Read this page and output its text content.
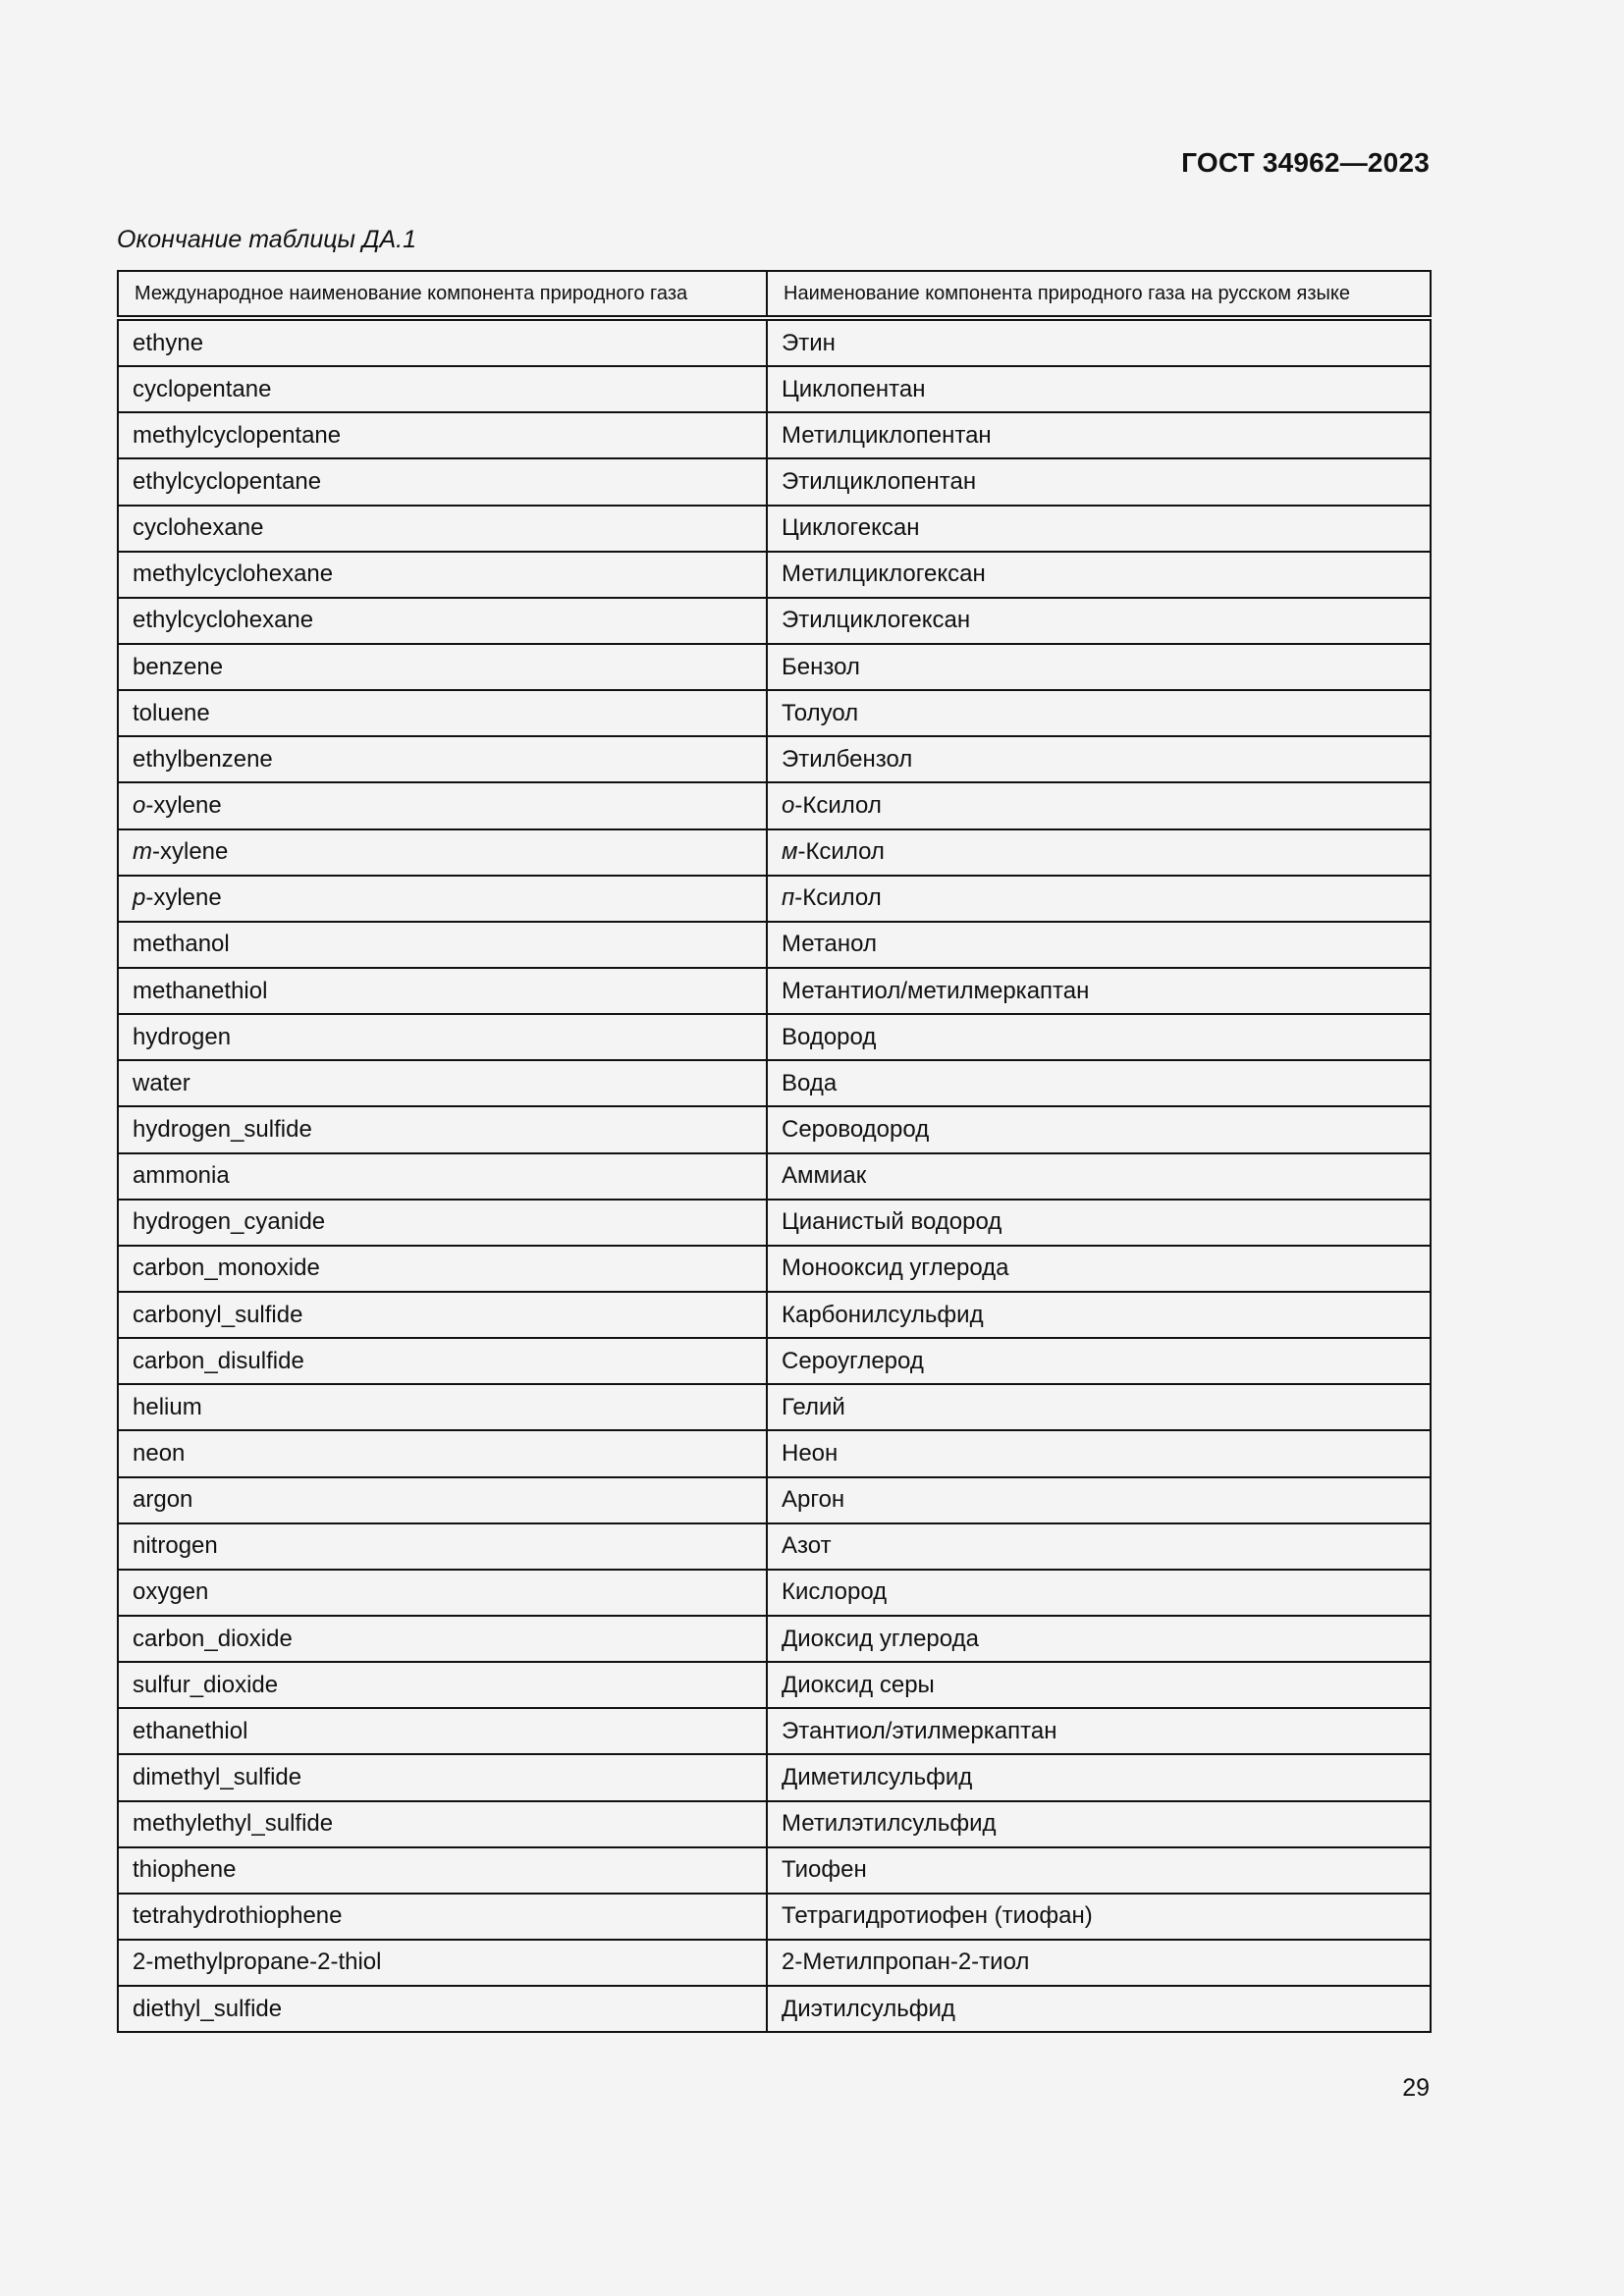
ГОСТ 34962—2023
Окончание таблицы ДА.1
Международное наименование компонента природного газа	Наименование компонента природного газа на русском языке
ethyne	Этин
cyclopentane	Циклопентан
methylcyclopentane	Метилциклопентан
ethylcyclopentane	Этилциклопентан
cyclohexane	Циклогексан
methylcyclohexane	Метилциклогексан
ethylcyclohexane	Этилциклогексан
benzene	Бензол
toluene	Толуол
ethylbenzene	Этилбензол
o-xylene	о-Ксилол
m-xylene	м-Ксилол
p-xylene	п-Ксилол
methanol	Метанол
methanethiol	Метантиол/метилмеркаптан
hydrogen	Водород
water	Вода
hydrogen_sulfide	Сероводород
ammonia	Аммиак
hydrogen_cyanide	Цианистый водород
carbon_monoxide	Монооксид углерода
carbonyl_sulfide	Карбонилсульфид
carbon_disulfide	Сероуглерод
helium	Гелий
neon	Неон
argon	Аргон
nitrogen	Азот
oxygen	Кислород
carbon_dioxide	Диоксид углерода
sulfur_dioxide	Диоксид серы
ethanethiol	Этантиол/этилмеркаптан
dimethyl_sulfide	Диметилсульфид
methylethyl_sulfide	Метилэтилсульфид
thiophene	Тиофен
tetrahydrothiophene	Тетрагидротиофен (тиофан)
2-methylpropane-2-thiol	2-Метилпропан-2-тиол
diethyl_sulfide	Диэтилсульфид
29
